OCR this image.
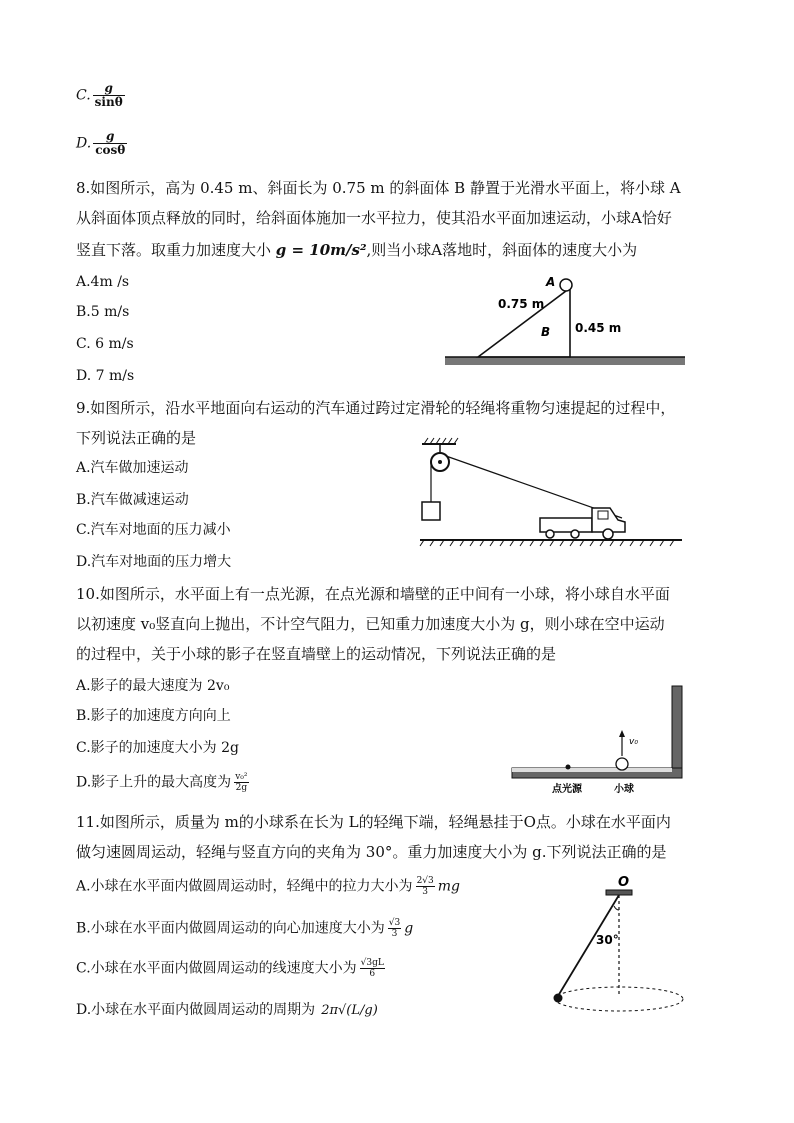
C. $\frac{g}{\sin\theta}$
D. $\frac{g}{\cos\theta}$
8.如图所示，高为 0.45 m、斜面长为 0.75 m 的斜面体 B 静置于光滑水平面上，将小球 A
从斜面体顶点释放的同时，给斜面体施加一水平拉力，使其沿水平面加速运动，小球A恰好
竖直下落。取重力加速度大小 g = 10m/s²,则当小球A落地时，斜面体的速度大小为
A.4m /s
B.5 m/s
C. 6 m/s
D. 7 m/s
A
B
0.75 m
0.45 m
9.如图所示，沿水平地面向右运动的汽车通过跨过定滑轮的轻绳将重物匀速提起的过程中，
下列说法正确的是
A.汽车做加速运动
B.汽车做减速运动
C.汽车对地面的压力减小
D.汽车对地面的压力增大
10.如图所示，水平面上有一点光源，在点光源和墙壁的正中间有一小球，将小球自水平面
以初速度 v₀竖直向上抛出，不计空气阻力，已知重力加速度大小为 g，则小球在空中运动
的过程中，关于小球的影子在竖直墙壁上的运动情况，下列说法正确的是
A.影子的最大速度为 2v₀
B.影子的加速度方向向上
C.影子的加速度大小为 2g
D.影子上升的最大高度为 $\frac{\text{v₀²}}{2g}$
v₀
点光源	小球
11.如图所示，质量为 m的小球系在长为 L的轻绳下端，轻绳悬挂于O点。小球在水平面内
做匀速圆周运动，轻绳与竖直方向的夹角为 30°。重力加速度大小为 g.下列说法正确的是
A.小球在水平面内做圆周运动时，轻绳中的拉力大小为 $\frac{2√3}{3}$ mg
B.小球在水平面内做圆周运动的向心加速度大小为 $\frac{√3}{3}$ g
C.小球在水平面内做圆周运动的线速度大小为 $\frac{√3gL}{6}$
D.小球在水平面内做圆周运动的周期为 2π√(L/g)
O
30°
